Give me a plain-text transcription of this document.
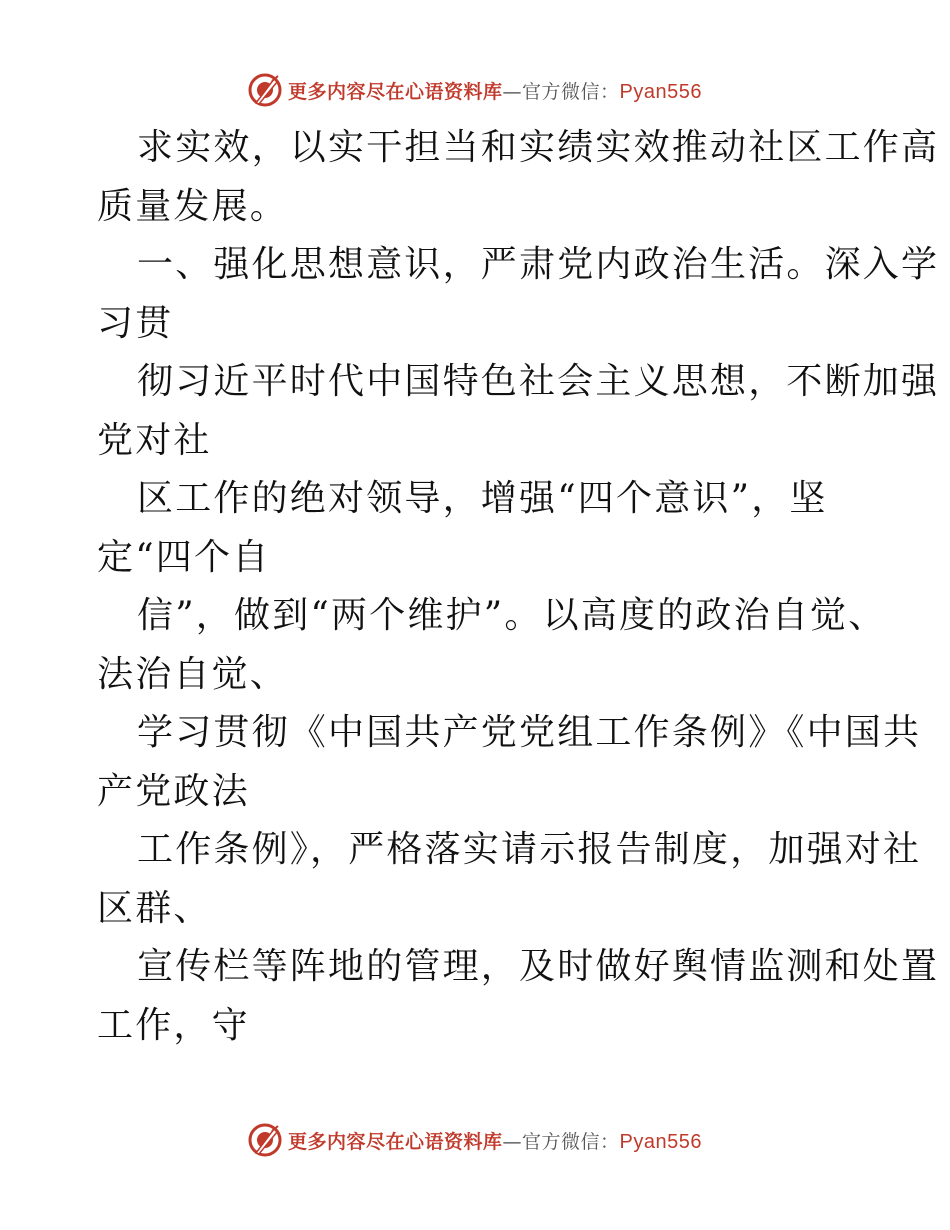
更多内容尽在心语资料库—官方微信：Pyan556
求实效，以实干担当和实绩实效推动社区工作高
质量发展。
一、强化思想意识，严肃党内政治生活。深入学
习贯
彻习近平时代中国特色社会主义思想，不断加强
党对社
区工作的绝对领导，增强“四个意识”，坚
定“四个自
信”，做到“两个维护”。以高度的政治自觉、
法治自觉、
学习贯彻《中国共产党党组工作条例》《中国共
产党政法
工作条例》，严格落实请示报告制度，加强对社
区群、
宣传栏等阵地的管理，及时做好舆情监测和处置
工作，守
更多内容尽在心语资料库—官方微信：Pyan556
